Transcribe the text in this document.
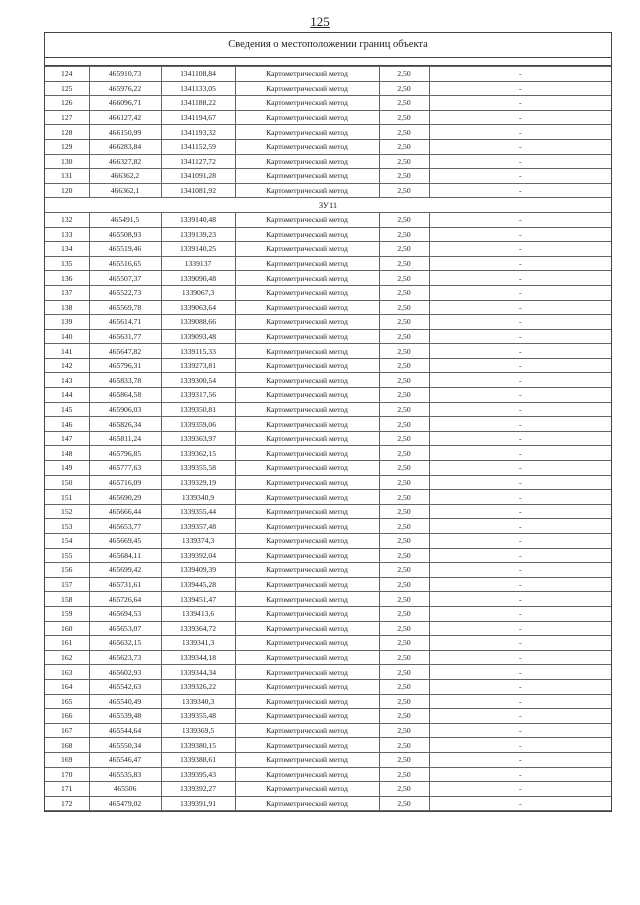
125
Сведения о местоположении границ объекта
124	465910,73	1341108,84	Картометрический метод	2,50	-
125	465976,22	1341133,05	Картометрический метод	2,50	-
126	466096,71	1341188,22	Картометрический метод	2,50	-
127	466127,42	1341194,67	Картометрический метод	2,50	-
128	466150,99	1341193,32	Картометрический метод	2,50	-
129	466283,84	1341152,59	Картометрический метод	2,50	-
130	466327,82	1341127,72	Картометрический метод	2,50	-
131	466362,2	1341091,28	Картометрический метод	2,50	-
120	466362,1	1341081,92	Картометрический метод	2,50	-
ЗУ11					
132	465491,5	1339140,48	Картометрический метод	2,50	-
133	465508,93	1339139,23	Картометрический метод	2,50	-
134	465519,46	1339140,25	Картометрический метод	2,50	-
135	465516,65	1339137	Картометрический метод	2,50	-
136	465507,37	1339090,48	Картометрический метод	2,50	-
137	465522,73	1339067,3	Картометрический метод	2,50	-
138	465569,78	1339063,64	Картометрический метод	2,50	-
139	465614,71	1339088,66	Картометрический метод	2,50	-
140	465631,77	1339093,48	Картометрический метод	2,50	-
141	465647,82	1339115,33	Картометрический метод	2,50	-
142	465796,31	1339273,81	Картометрический метод	2,50	-
143	465833,78	1339300,54	Картометрический метод	2,50	-
144	465864,58	1339317,56	Картометрический метод	2,50	-
145	465906,03	1339350,81	Картометрический метод	2,50	-
146	465826,34	1339359,06	Картометрический метод	2,50	-
147	465811,24	1339363,97	Картометрический метод	2,50	-
148	465796,85	1339362,15	Картометрический метод	2,50	-
149	465777,63	1339355,58	Картометрический метод	2,50	-
150	465716,09	1339329,19	Картометрический метод	2,50	-
151	465690,29	1339340,9	Картометрический метод	2,50	-
152	465666,44	1339355,44	Картометрический метод	2,50	-
153	465653,77	1339357,48	Картометрический метод	2,50	-
154	465669,45	1339374,3	Картометрический метод	2,50	-
155	465684,11	1339392,04	Картометрический метод	2,50	-
156	465699,42	1339409,39	Картометрический метод	2,50	-
157	465731,61	1339445,28	Картометрический метод	2,50	-
158	465726,64	1339451,47	Картометрический метод	2,50	-
159	465694,53	1339413,6	Картометрический метод	2,50	-
160	465653,07	1339364,72	Картометрический метод	2,50	-
161	465632,15	1339341,3	Картометрический метод	2,50	-
162	465623,73	1339344,18	Картометрический метод	2,50	-
163	465602,93	1339344,34	Картометрический метод	2,50	-
164	465542,63	1339326,22	Картометрический метод	2,50	-
165	465540,49	1339340,3	Картометрический метод	2,50	-
166	465539,48	1339355,48	Картометрический метод	2,50	-
167	465544,64	1339369,5	Картометрический метод	2,50	-
168	465550,34	1339380,15	Картометрический метод	2,50	-
169	465546,47	1339388,61	Картометрический метод	2,50	-
170	465535,83	1339395,43	Картометрический метод	2,50	-
171	465506	1339392,27	Картометрический метод	2,50	-
172	465479,02	1339391,91	Картометрический метод	2,50	-
